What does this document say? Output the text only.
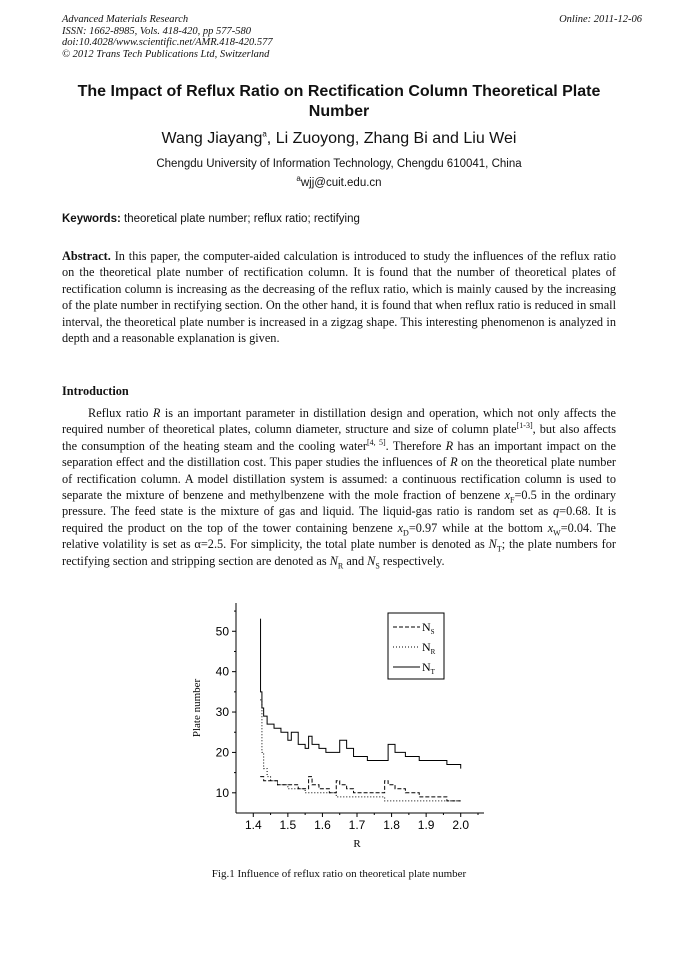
Advanced Materials Research
ISSN: 1662-8985, Vols. 418-420, pp 577-580
doi:10.4028/www.scientific.net/AMR.418-420.577
© 2012 Trans Tech Publications Ltd, Switzerland
Online: 2011-12-06
The Impact of Reflux Ratio on Rectification Column Theoretical Plate Number
Wang Jiayang$^a$, Li Zuoyong, Zhang Bi and Liu Wei
Chengdu University of Information Technology, Chengdu 610041, China
$^a$wjj@cuit.edu.cn
Keywords: theoretical plate number; reflux ratio; rectifying
Abstract. In this paper, the computer-aided calculation is introduced to study the influences of the reflux ratio on the theoretical plate number of rectification column. It is found that the number of theoretical plates of rectification column is increasing as the decreasing of the reflux ratio, which is mainly caused by the increasing of the plate number in rectifying section. On the other hand, it is found that when reflux ratio is reduced in small interval, the theoretical plate number is increased in a zigzag shape. This interesting phenomenon is analyzed in depth and a reasonable explanation is given.
Introduction

Reflux ratio R is an important parameter in distillation design and operation, which not only affects the required number of theoretical plates, column diameter, structure and size of column plate[1-3], but also affects the consumption of the heating steam and the cooling water[4, 5]. Therefore R has an important impact on the separation effect and the distillation cost. This paper studies the influences of R on the theoretical plate number of rectification column. A model distillation system is assumed: a continuous rectification column is used to separate the mixture of benzene and methylbenzene with the mole fraction of benzene $x_F=0.5$ in the ordinary pressure. The feed state is the mixture of gas and liquid. The liquid-gas ratio is random set as q=0.68. It is required the product on the top of the tower containing benzene $x_D=0.97$ while at the bottom $x_W=0.04$. The relative volatility is set as α=2.5. For simplicity, the total plate number is denoted as $N_T$; the plate numbers for rectifying section and stripping section are denoted as $N_R$ and $N_S$ respectively.

10
20
30
40
50
1.4 1.5 1.6 1.7 1.8 1.9 2.0
R
Plate number
$N_S$
$N_R$
$N_T$
Fig.1 Influence of reflux ratio on theoretical plate number
